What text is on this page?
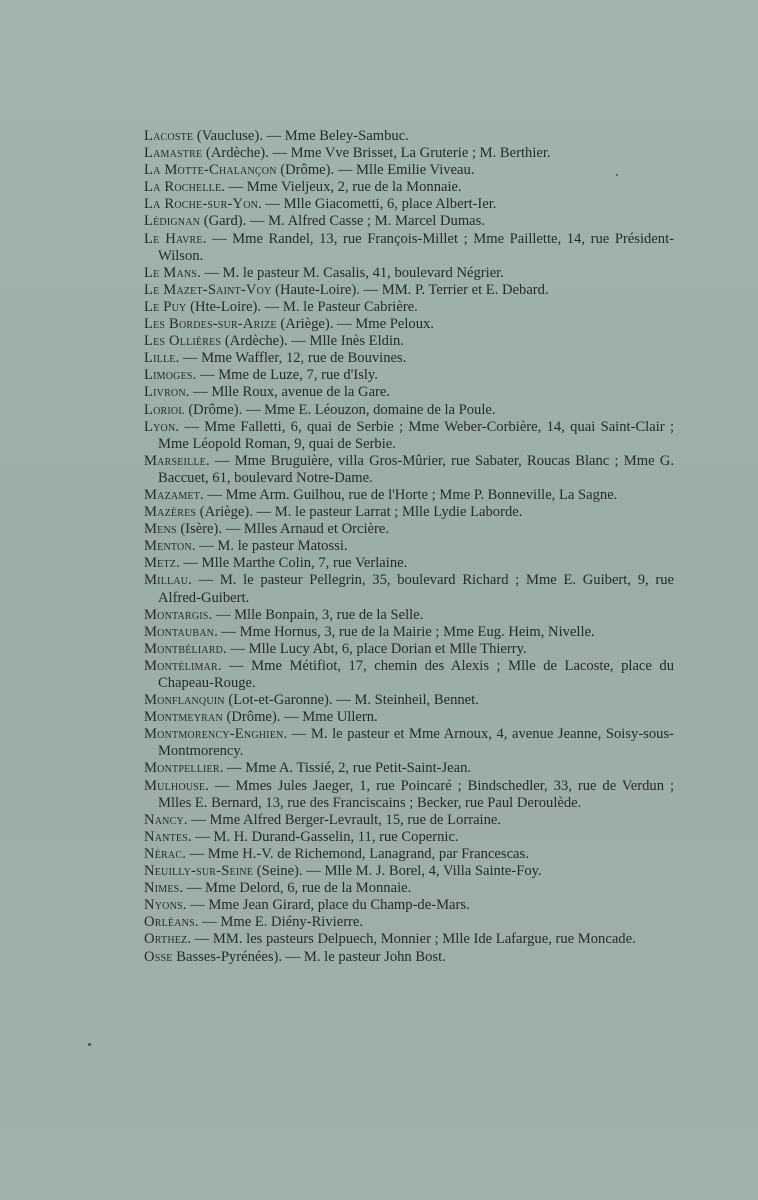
Lacoste (Vaucluse). — Mme Beley-Sambuc.

Lamastre (Ardèche). — Mme Vve Brisset, La Gruterie ; M. Berthier.

La Motte-Chalançon (Drôme). — Mlle Emilie Viveau.

La Rochelle. — Mme Vieljeux, 2, rue de la Monnaie.

La Roche-sur-Yon. — Mlle Giacometti, 6, place Albert-Ier.

Lédignan (Gard). — M. Alfred Casse ; M. Marcel Dumas.

Le Havre. — Mme Randel, 13, rue François-Millet ; Mme Paillette, 14, rue Président-Wilson.

Le Mans. — M. le pasteur M. Casalis, 41, boulevard Négrier.

Le Mazet-Saint-Voy (Haute-Loire). — MM. P. Terrier et E. Debard.

Le Puy (Hte-Loire). — M. le Pasteur Cabrière.

Les Bordes-sur-Arize (Ariège). — Mme Peloux.

Les Ollières (Ardèche). — Mlle Inès Eldin.

Lille. — Mme Waffler, 12, rue de Bouvines.

Limoges. — Mme de Luze, 7, rue d'Isly.

Livron. — Mlle Roux, avenue de la Gare.

Loriol (Drôme). — Mme E. Léouzon, domaine de la Poule.

Lyon. — Mme Falletti, 6, quai de Serbie ; Mme Weber-Corbière, 14, quai Saint-Clair ; Mme Léopold Roman, 9, quai de Serbie.

Marseille. — Mme Bruguière, villa Gros-Mûrier, rue Sabater, Roucas Blanc ; Mme G. Baccuet, 61, boulevard Notre-Dame.

Mazamet. — Mme Arm. Guilhou, rue de l'Horte ; Mme P. Bonneville, La Sagne.

Mazères (Ariège). — M. le pasteur Larrat ; Mlle Lydie Laborde.

Mens (Isère). — Mlles Arnaud et Orcière.

Menton. — M. le pasteur Matossi.

Metz. — Mlle Marthe Colin, 7, rue Verlaine.

Millau. — M. le pasteur Pellegrin, 35, boulevard Richard ; Mme E. Guibert, 9, rue Alfred-Guibert.

Montargis. — Mlle Bonpain, 3, rue de la Selle.

Montauban. — Mme Hornus, 3, rue de la Mairie ; Mme Eug. Heim, Nivelle.

Montbéliard. — Mlle Lucy Abt, 6, place Dorian et Mlle Thierry.

Montélimar. — Mme Métifiot, 17, chemin des Alexis ; Mlle de Lacoste, place du Chapeau-Rouge.

Monflanquin (Lot-et-Garonne). — M. Steinheil, Bennet.

Montmeyran (Drôme). — Mme Ullern.

Montmorency-Enghien. — M. le pasteur et Mme Arnoux, 4, avenue Jeanne, Soisy-sous-Montmorency.

Montpellier. — Mme A. Tissié, 2, rue Petit-Saint-Jean.

Mulhouse. — Mmes Jules Jaeger, 1, rue Poincaré ; Bindschedler, 33, rue de Verdun ; Mlles E. Bernard, 13, rue des Franciscains ; Becker, rue Paul Deroulède.

Nancy. — Mme Alfred Berger-Levrault, 15, rue de Lorraine.

Nantes. — M. H. Durand-Gasselin, 11, rue Copernic.

Nérac. — Mme H.-V. de Richemond, Lanagrand, par Francescas.

Neuilly-sur-Seine (Seine). — Mlle M. J. Borel, 4, Villa Sainte-Foy.

Nimes. — Mme Delord, 6, rue de la Monnaie.

Nyons. — Mme Jean Girard, place du Champ-de-Mars.

Orléans. — Mme E. Diény-Rivierre.

Orthez. — MM. les pasteurs Delpuech, Monnier ; Mlle Ide Lafargue, rue Moncade.

Osse Basses-Pyrénées). — M. le pasteur John Bost.
